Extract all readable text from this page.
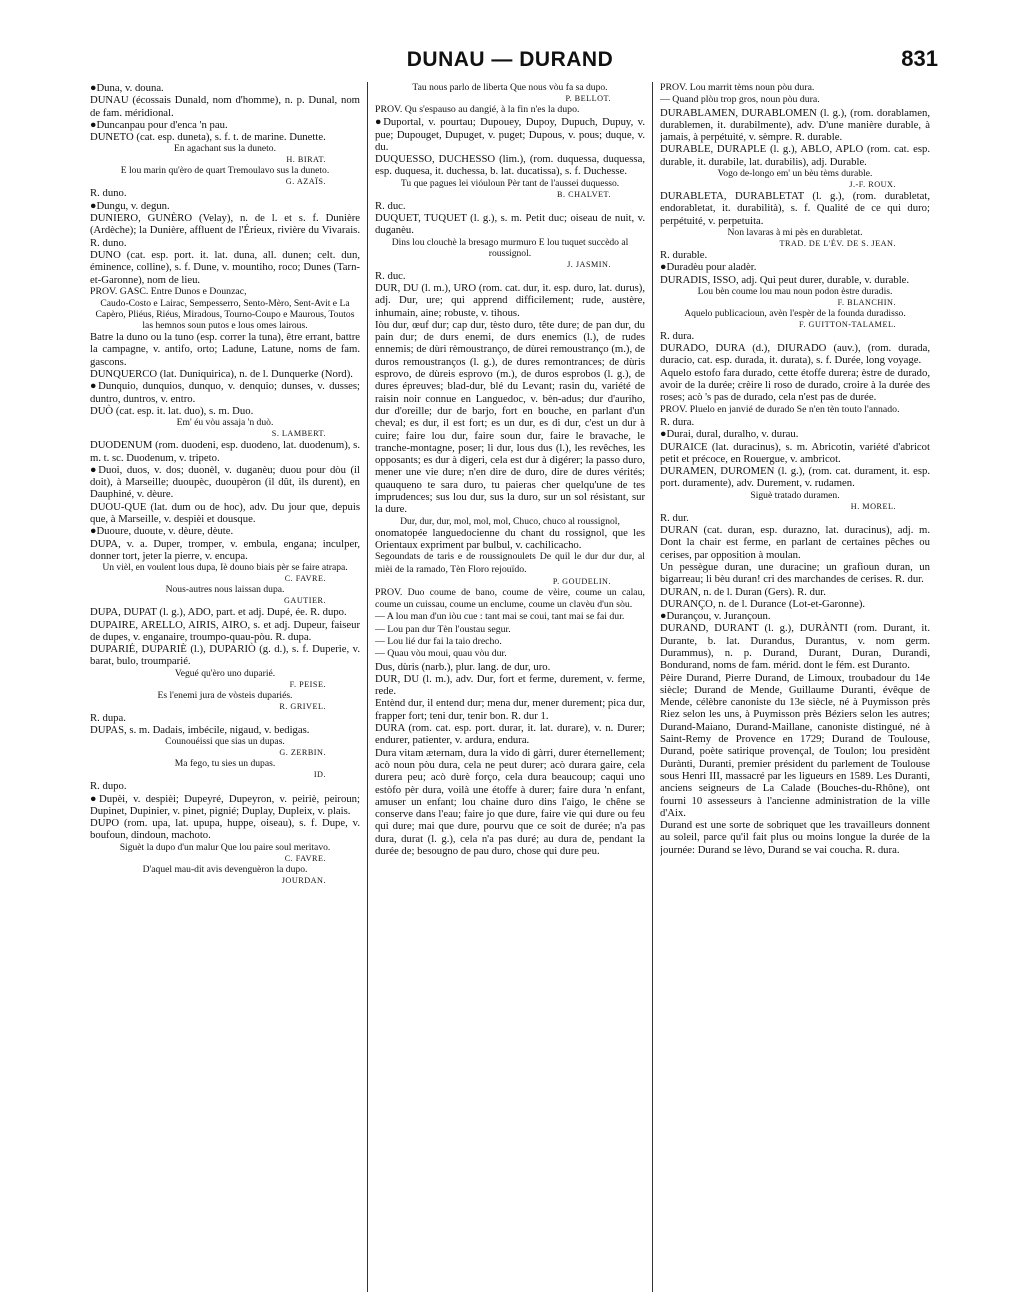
DUNAU — DURAND	831

●Duna, v. douna.

DUNAU (écossais Dunald, nom d'homme), n. p. Dunal, nom de fam. méridional.

●Duncanpau pour d'enca 'n pau.

DUNETO (cat. esp. duneta), s. f. t. de marine. Dunette.

En agachant sus la duneto.

H. BIRAT.

E lou marin qu'èro de quart Tremoulavo sus la duneto.

G. AZAÏS.

R. duno.

●Dungu, v. degun.

DUNIERO, GUNÈRO (Velay), n. de l. et s. f. Dunière (Ardèche); la Dunière, affluent de l'Érieux, rivière du Vivarais. R. duno.

DUNO (cat. esp. port. it. lat. duna, all. dunen; celt. dun, éminence, colline), s. f. Dune, v. mountiho, roco; Dunes (Tarn-et-Garonne), nom de lieu.

PROV. GASC. Entre Dunos e Dounzac,

Caudo-Costo e Lairac, Sempesserro, Sento-Mèro, Sent-Avit e La Capèro, Pliéus, Riéus, Miradous, Tourno-Coupo e Maurous, Toutos las hemnos soun putos e lous omes lairous.

Batre la duno ou la tuno (esp. correr la tuna), être errant, battre la campagne, v. antifo, orto; Ladune, Latune, noms de fam. gascons.

DUNQUERCO (lat. Duniquirica), n. de l. Dunquerke (Nord).

●Dunquio, dunquios, dunquo, v. denquio; dunses, v. dusses; duntro, duntros, v. entro.

DUÒ (cat. esp. it. lat. duo), s. m. Duo.

Em' éu vòu assaja 'n duò.

S. LAMBERT.

DUODENUM (rom. duodeni, esp. duodeno, lat. duodenum), s. m. t. sc. Duodenum, v. tripeto.

●Duoi, duos, v. dos; duonèl, v. duganèu; duou pour dòu (il doit), à Marseille; duoupèc, duoupèron (il dût, ils durent), en Dauphiné, v. dèure.

DUOU-QUE (lat. dum ou de hoc), adv. Du jour que, depuis que, à Marseille, v. despièi et dousque.

●Duoure, duoute, v. dèure, dèute.

DUPA, v. a. Duper, tromper, v. embula, engana; inculper, donner tort, jeter la pierre, v. encupa.

Un vièl, en voulent lous dupa, Iè douno biais pèr se faire atrapa.

C. FAVRE.

Nous-autres nous laissan dupa.

GAUTIER.

DUPA, DUPAT (l. g.), ADO, part. et adj. Dupé, ée. R. dupo.

DUPAIRE, ARELLO, AIRIS, AIRO, s. et adj. Dupeur, faiseur de dupes, v. enganaire, troumpo-quau-pòu. R. dupa.

DUPARIÉ, DUPARIÈ (l.), DUPARIÒ (g. d.), s. f. Duperie, v. barat, bulo, troumparié.

Vegué qu'èro uno duparié.

F. PEISE.

Es l'enemi jura de vòsteis dupariés.

R. GRIVEL.

R. dupa.

DUPAS, s. m. Dadais, imbécile, nigaud, v. bedigas.

Counouéissi que sias un dupas.

G. ZERBIN.

Ma fego, tu sies un dupas.

ID.

R. dupo.

●Dupèi, v. despièi; Dupeyré, Dupeyron, v. peiriè, peiroun; Dupinet, Dupinier, v. pinet, pignié; Duplay, Dupleix, v. plais.

DUPO (rom. upa, lat. upupa, huppe, oiseau), s. f. Dupe, v. boufoun, dindoun, machoto.

Siguèt la dupo d'un malur Que lou paire soul meritavo.

C. FAVRE.

D'aquel mau-dit avis devenguèron la dupo.

JOURDAN.

Tau nous parlo de liberta Que nous vòu fa sa dupo.

P. BELLOT.

PROV. Qu s'espauso au dangié, à la fin n'es la dupo.

●Duportal, v. pourtau; Dupouey, Dupoy, Dupuch, Dupuy, v. pue; Dupouget, Dupuget, v. puget; Dupous, v. pous; duque, v. du.

DUQUESSO, DUCHESSO (lim.), (rom. duquessa, duquessa, esp. duquesa, it. duchessa, b. lat. ducatissa), s. f. Duchesse.

Tu que pagues lei vióuloun Pèr tant de l'aussei duquesso.

B. CHALVET.

R. duc.

DUQUET, TUQUET (l. g.), s. m. Petit duc; oiseau de nuit, v. duganèu.

Dins lou clouchè la bresago murmuro E lou tuquet succèdo al roussignol.

J. JASMIN.

R. duc.

DUR, DU (l. m.), URO (rom. cat. dur, it. esp. duro, lat. durus), adj. Dur, ure; qui apprend difficilement; rude, austère, inhumain, aine; robuste, v. tihous.

Iòu dur, œuf dur; cap dur, tèsto duro, tête dure; de pan dur, du pain dur; de durs enemi, de durs enemics (l.), de rudes ennemis; de dùri rèmoustranço, de dùrei remoustranço (m.), de duros remoustranços (l. g.), de dures remontrances; de dùris esprovo, de dùreis esprovo (m.), de duros esprobos (l. g.), de dures épreuves; blad-dur, blé du Levant; rasin du, variété de raisin noir connue en Languedoc, v. bèn-adus; dur d'auriho, dur d'oreille; dur de barjo, fort en bouche, en parlant d'un cheval; es dur, il est fort; es un dur, es di dur, c'est un dur à cuire; faire lou dur, faire soun dur, faire le bravache, le tranche-montagne, poser; li dur, lous dus (l.), les revêches, les opposants; es dur à digeri, cela est dur à digérer; la passo duro, mener une vie dure; n'en dire de duro, dire de dures vérités; quauqueno te sara duro, tu paieras cher quelqu'une de tes imprudences; sus lou dur, sus la duro, sur un sol résistant, sur la dure.

Dur, dur, dur, mol, mol, mol, Chuco, chuco al roussignol,

onomatopée languedocienne du chant du rossignol, que les Orientaux expriment par bulbul, v. cachilicacho.

Segoundats de taris e de roussignoulets De quil le dur dur dur, al mièi de la ramado, Tèn Floro rejouïdo.

P. GOUDELIN.

PROV. Duo coume de bano, coume de vèire, coume un calau, coume un cuissau, coume un enclume, coume un clavèu d'un sòu.

— A lou man d'un iòu cue : tant mai se coui, tant mai se fai dur.

— Lou pan dur Tèn l'oustau segur.

— Lou lié dur fai la taio drecho.

— Quau vòu moui, quau vòu dur.

Dus, dùris (narb.), plur. lang. de dur, uro.

DUR, DU (l. m.), adv. Dur, fort et ferme, durement, v. ferme, rede.

Entènd dur, il entend dur; mena dur, mener durement; pica dur, frapper fort; teni dur, tenir bon. R. dur 1.

DURA (rom. cat. esp. port. durar, it. lat. durare), v. n. Durer; endurer, patienter, v. ardura, endura.

Dura vitam æternam, dura la vido di gàrri, durer éternellement; acò noun pòu dura, cela ne peut durer; acò durara gaire, cela durera peu; acò durè forço, cela dura beaucoup; caqui uno estòfo pèr dura, voilà une étoffe à durer; faire dura 'n enfant, amuser un enfant; lou chaine duro dins l'aigo, le chêne se conserve dans l'eau; faire jo que dure, faire vie qui dure ou feu qui dure; mai que dure, pourvu que ce soit de durée; n'a pas dura, durat (l. g.), cela n'a pas duré; au dura de, pendant la durée de; besougno de pau duro, chose qui dure peu.

PROV. Lou marrit tèms noun pòu dura.

— Quand plòu trop gros, noun pòu dura.

DURABLAMEN, DURABLOMEN (l. g.), (rom. dorablamen, durablemen, it. durabilmente), adv. D'une manière durable, à jamais, à perpétuité, v. sèmpre. R. durable.

DURABLE, DURAPLE (l. g.), ABLO, APLO (rom. cat. esp. durable, it. durabile, lat. durabilis), adj. Durable.

Vogo de-longo em' un bèu tèms durable.

J.-F. ROUX.

DURABLETA, DURABLETAT (l. g.), (rom. durabletat, endorabletat, it. durabilità), s. f. Qualité de ce qui duro; perpétuité, v. perpetuita.

Non lavaras à mi pès en durabletat.

TRAD. DE L'ÉV. DE S. JEAN.

R. durable.

●Duradèu pour aladèr.

DURADIS, ISSO, adj. Qui peut durer, durable, v. durable.

Lou bèn coume lou mau noun podon èstre duradis.

F. BLANCHIN.

Aquelo publicacioun, avèn l'espèr de la founda duradisso.

F. GUITTON-TALAMEL.

R. dura.

DURADO, DURA (d.), DIURADO (auv.), (rom. durada, duracio, cat. esp. durada, it. durata), s. f. Durée, long voyage.

Aquelo estofo fara durado, cette étoffe durera; èstre de durado, avoir de la durée; crèire li roso de durado, croire à la durée des roses; acò 's pas de durado, cela n'est pas de durée.

PROV. Pluelo en janvié de durado Se n'en tèn touto l'annado.

R. dura.

●Durai, dural, duralho, v. durau.

DURAICE (lat. duracinus), s. m. Abricotin, variété d'abricot petit et précoce, en Rouergue, v. ambricot.

DURAMEN, DUROMEN (l. g.), (rom. cat. durament, it. esp. port. duramente), adv. Durement, v. rudamen.

Siguè tratado duramen.

H. MOREL.

R. dur.

DURAN (cat. duran, esp. durazno, lat. duracinus), adj. m. Dont la chair est ferme, en parlant de certaines pêches ou cerises, par opposition à moulan.

Un pessègue duran, une duracine; un grafioun duran, un bigarreau; li bèu duran! cri des marchandes de cerises. R. dur.

DURAN, n. de l. Duran (Gers). R. dur.

DURANÇO, n. de l. Durance (Lot-et-Garonne).

●Durançou, v. Jurançoun.

DURAND, DURANT (l. g.), DURÀNTI (rom. Durant, it. Durante, b. lat. Durandus, Durantus, v. nom germ. Durammus), n. p. Durand, Durant, Duran, Durandi, Bondurand, noms de fam. mérid. dont le fém. est Duranto.

Pèire Durand, Pierre Durand, de Limoux, troubadour du 14e siècle; Durand de Mende, Guillaume Duranti, évêque de Mende, célèbre canoniste du 13e siècle, né à Puymisson près Riez selon les uns, à Puymisson près Béziers selon les autres; Durand-Maiano, Durand-Maillane, canoniste distingué, né à Saint-Remy de Provence en 1729; Durand de Toulouse, Durand, poète satirique provençal, de Toulon; lou presidènt Durànti, Duranti, premier président du parlement de Toulouse sous Henri III, massacré par les ligueurs en 1589. Les Duranti, anciens seigneurs de La Calade (Bouches-du-Rhône), ont fourni 10 assesseurs à l'ancienne administration de la ville d'Aix.

Durand est une sorte de sobriquet que les travailleurs donnent au soleil, parce qu'il fait plus ou moins longue la durée de la journée: Durand se lèvo, Durand se vai coucha. R. dura.
